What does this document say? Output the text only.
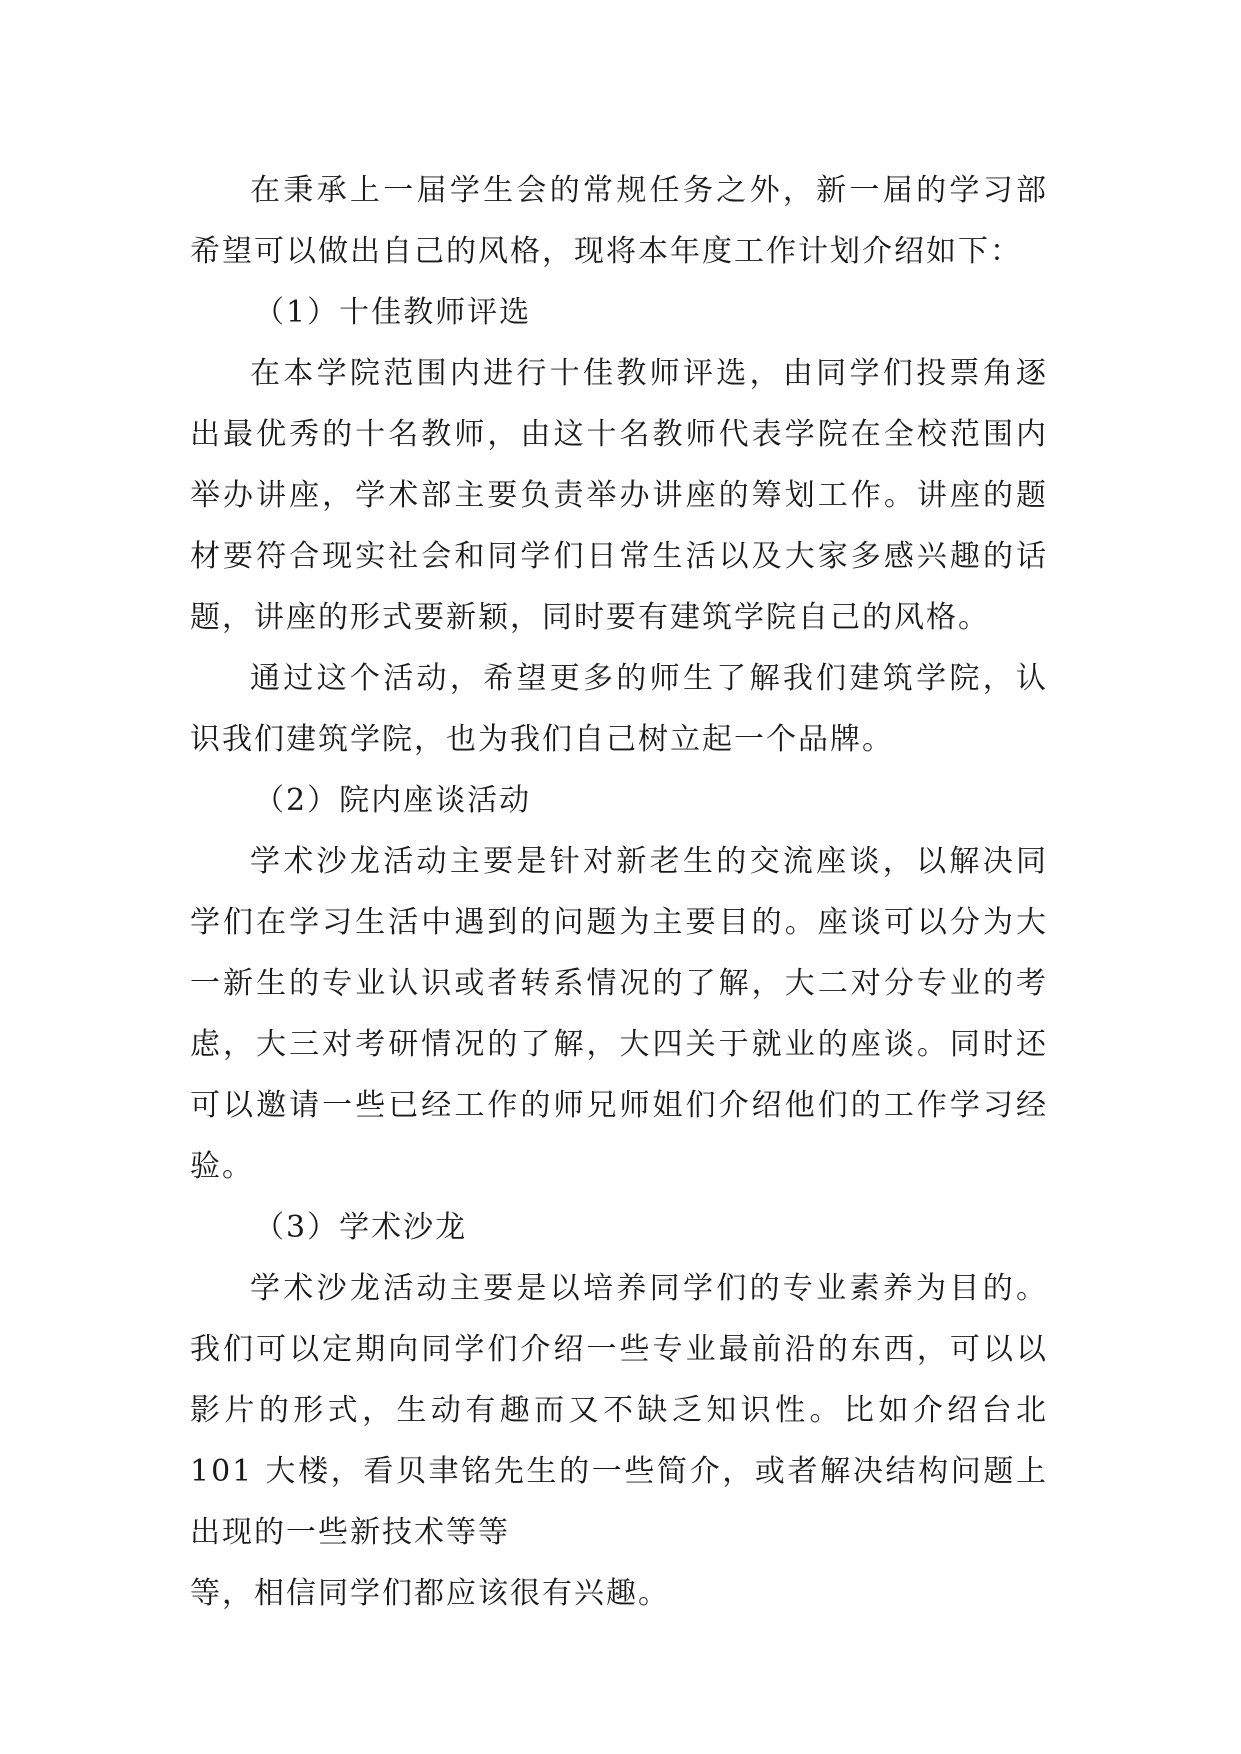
在秉承上一届学生会的常规任务之外，新一届的学习部希望可以做出自己的风格，现将本年度工作计划介绍如下：

（1）十佳教师评选

在本学院范围内进行十佳教师评选，由同学们投票角逐出最优秀的十名教师，由这十名教师代表学院在全校范围内举办讲座，学术部主要负责举办讲座的筹划工作。讲座的题材要符合现实社会和同学们日常生活以及大家多感兴趣的话题，讲座的形式要新颖，同时要有建筑学院自己的风格。

通过这个活动，希望更多的师生了解我们建筑学院，认识我们建筑学院，也为我们自己树立起一个品牌。

（2）院内座谈活动

学术沙龙活动主要是针对新老生的交流座谈，以解决同学们在学习生活中遇到的问题为主要目的。座谈可以分为大一新生的专业认识或者转系情况的了解，大二对分专业的考虑，大三对考研情况的了解，大四关于就业的座谈。同时还可以邀请一些已经工作的师兄师姐们介绍他们的工作学习经验。

（3）学术沙龙

学术沙龙活动主要是以培养同学们的专业素养为目的。我们可以定期向同学们介绍一些专业最前沿的东西，可以以影片的形式，生动有趣而又不缺乏知识性。比如介绍台北 101 大楼，看贝聿铭先生的一些简介，或者解决结构问题上出现的一些新技术等等

等，相信同学们都应该很有兴趣。
